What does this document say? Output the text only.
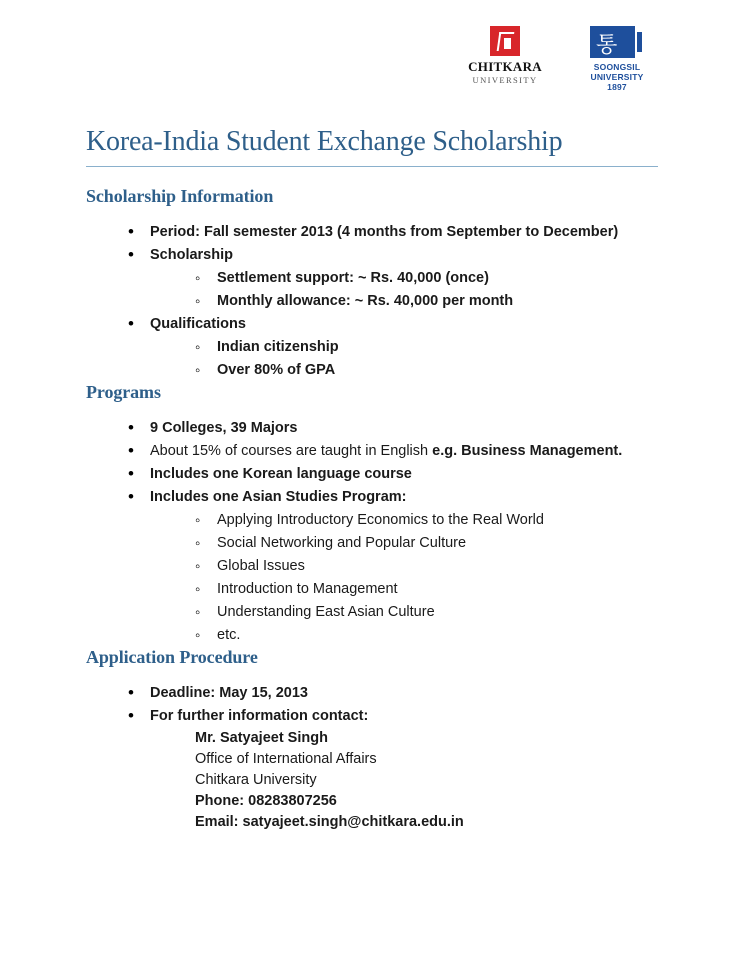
CHITKARA
UNIVERSITY
통
SOONGSIL
UNIVERSITY
1897
Korea-India Student Exchange Scholarship
Scholarship Information
• Period: Fall semester 2013 (4 months from September to December)
• Scholarship
◦ Settlement support: ~ Rs. 40,000 (once)
◦ Monthly allowance: ~ Rs. 40,000 per month
• Qualifications
◦ Indian citizenship
◦ Over 80% of GPA
Programs
• 9 Colleges, 39 Majors
• About 15% of courses are taught in English e.g. Business Management.
• Includes one Korean language course
• Includes one Asian Studies Program:
◦ Applying Introductory Economics to the Real World
◦ Social Networking and Popular Culture
◦ Global Issues
◦ Introduction to Management
◦ Understanding East Asian Culture
◦ etc.
Application Procedure
• Deadline: May 15, 2013
• For further information contact:
Mr. Satyajeet Singh
Office of International Affairs
Chitkara University
Phone: 08283807256
Email: satyajeet.singh@chitkara.edu.in
